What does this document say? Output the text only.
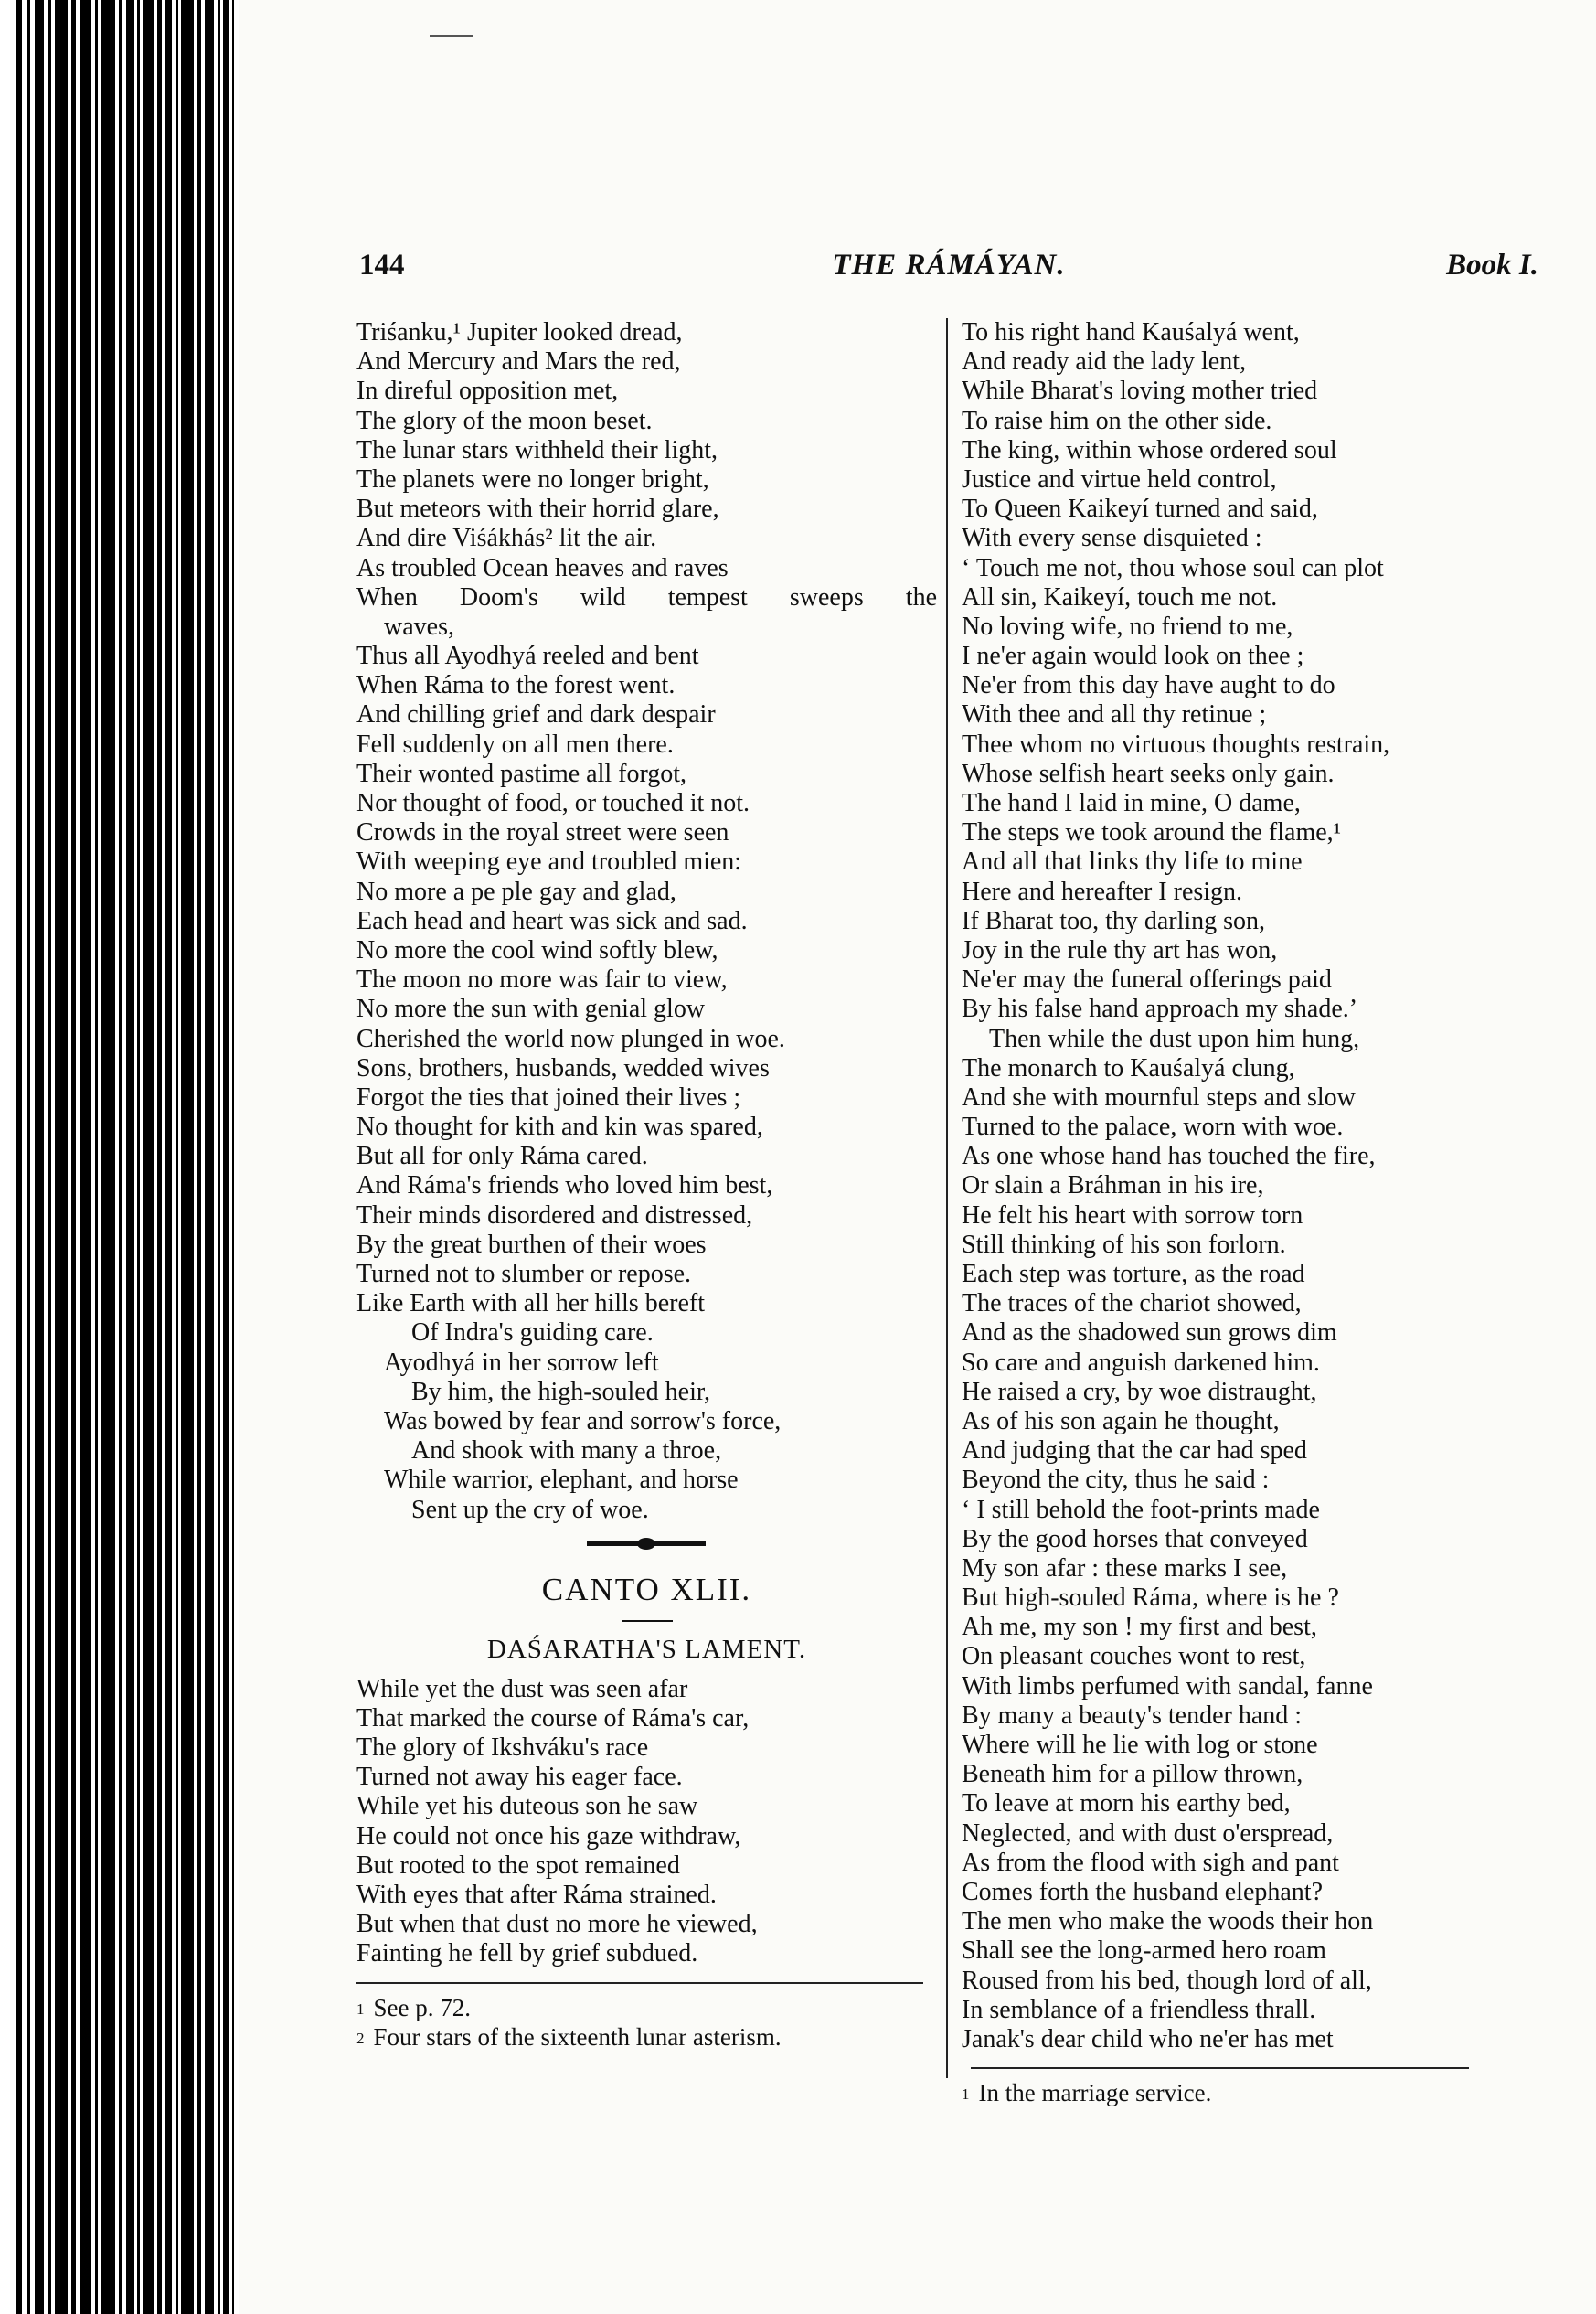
144	THE RÁMÁYAN.	Book I.
Triśanku,¹ Jupiter looked dread,
And Mercury and Mars the red,
In direful opposition met,
The glory of the moon beset.
The lunar stars withheld their light,
The planets were no longer bright,
But meteors with their horrid glare,
And dire Viśákhás² lit the air.
As troubled Ocean heaves and raves
When Doom's wild tempest sweeps the
waves,
Thus all Ayodhyá reeled and bent
When Ráma to the forest went.
And chilling grief and dark despair
Fell suddenly on all men there.
Their wonted pastime all forgot,
Nor thought of food, or touched it not.
Crowds in the royal street were seen
With weeping eye and troubled mien:
No more a pe ple gay and glad,
Each head and heart was sick and sad.
No more the cool wind softly blew,
The moon no more was fair to view,
No more the sun with genial glow
Cherished the world now plunged in woe.
Sons, brothers, husbands, wedded wives
Forgot the ties that joined their lives ;
No thought for kith and kin was spared,
But all for only Ráma cared.
And Ráma's friends who loved him best,
Their minds disordered and distressed,
By the great burthen of their woes
Turned not to slumber or repose.
Like Earth with all her hills bereft
Of Indra's guiding care.
Ayodhyá in her sorrow left
By him, the high-souled heir,
Was bowed by fear and sorrow's force,
And shook with many a throe,
While warrior, elephant, and horse
Sent up the cry of woe.
CANTO XLII.
DAŚARATHA'S LAMENT.
While yet the dust was seen afar
That marked the course of Ráma's car,
The glory of Ikshváku's race
Turned not away his eager face.
While yet his duteous son he saw
He could not once his gaze withdraw,
But rooted to the spot remained
With eyes that after Ráma strained.
But when that dust no more he viewed,
Fainting he fell by grief subdued.
$^1$ See p. 72.
$^2$ Four stars of the sixteenth lunar asterism.
To his right hand Kauśalyá went,
And ready aid the lady lent,
While Bharat's loving mother tried
To raise him on the other side.
The king, within whose ordered soul
Justice and virtue held control,
To Queen Kaikeyí turned and said,
With every sense disquieted :
‘ Touch me not, thou whose soul can plot
All sin, Kaikeyí, touch me not.
No loving wife, no friend to me,
I ne'er again would look on thee ;
Ne'er from this day have aught to do
With thee and all thy retinue ;
Thee whom no virtuous thoughts restrain,
Whose selfish heart seeks only gain.
The hand I laid in mine, O dame,
The steps we took around the flame,¹
And all that links thy life to mine
Here and hereafter I resign.
If Bharat too, thy darling son,
Joy in the rule thy art has won,
Ne'er may the funeral offerings paid
By his false hand approach my shade.’
Then while the dust upon him hung,
The monarch to Kauśalyá clung,
And she with mournful steps and slow
Turned to the palace, worn with woe.
As one whose hand has touched the fire,
Or slain a Bráhman in his ire,
He felt his heart with sorrow torn
Still thinking of his son forlorn.
Each step was torture, as the road
The traces of the chariot showed,
And as the shadowed sun grows dim
So care and anguish darkened him.
He raised a cry, by woe distraught,
As of his son again he thought,
And judging that the car had sped
Beyond the city, thus he said :
‘ I still behold the foot-prints made
By the good horses that conveyed
My son afar : these marks I see,
But high-souled Ráma, where is he ?
Ah me, my son ! my first and best,
On pleasant couches wont to rest,
With limbs perfumed with sandal, fanne
By many a beauty's tender hand :
Where will he lie with log or stone
Beneath him for a pillow thrown,
To leave at morn his earthy bed,
Neglected, and with dust o'erspread,
As from the flood with sigh and pant
Comes forth the husband elephant?
The men who make the woods their hon
Shall see the long-armed hero roam
Roused from his bed, though lord of all,
In semblance of a friendless thrall.
Janak's dear child who ne'er has met
$^1$ In the marriage service.
